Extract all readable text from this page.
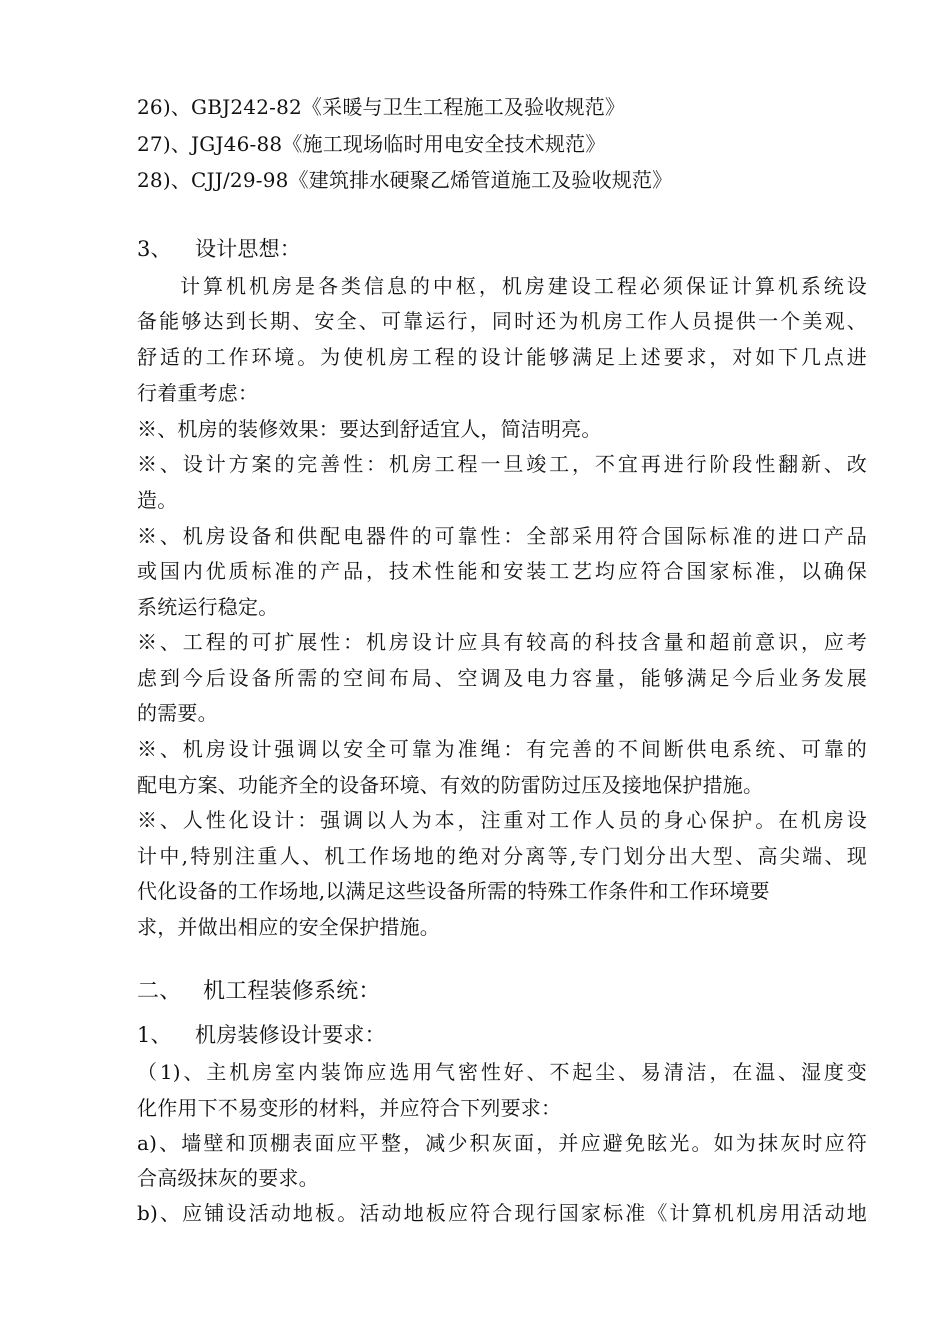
26)、GBJ242-82《采暖与卫生工程施工及验收规范》
27)、JGJ46-88《施工现场临时用电安全技术规范》
28)、CJJ/29-98《建筑排水硬聚乙烯管道施工及验收规范》
3、 设计思想：
计算机机房是各类信息的中枢，机房建设工程必须保证计算机系统设
备能够达到长期、安全、可靠运行，同时还为机房工作人员提供一个美观、
舒适的工作环境。为使机房工程的设计能够满足上述要求，对如下几点进
行着重考虑：
※、机房的装修效果：要达到舒适宜人，简洁明亮。
※、设计方案的完善性：机房工程一旦竣工，不宜再进行阶段性翻新、改
造。
※、机房设备和供配电器件的可靠性：全部采用符合国际标准的进口产品
或国内优质标准的产品，技术性能和安装工艺均应符合国家标准，以确保
系统运行稳定。
※、工程的可扩展性：机房设计应具有较高的科技含量和超前意识，应考
虑到今后设备所需的空间布局、空调及电力容量，能够满足今后业务发展
的需要。
※、机房设计强调以安全可靠为准绳：有完善的不间断供电系统、可靠的
配电方案、功能齐全的设备环境、有效的防雷防过压及接地保护措施。
※、人性化设计：强调以人为本，注重对工作人员的身心保护。在机房设
计中,特别注重人、机工作场地的绝对分离等,专门划分出大型、高尖端、现
代化设备的工作场地,以满足这些设备所需的特殊工作条件和工作环境要
求，并做出相应的安全保护措施。
二、 机工程装修系统：
1、 机房装修设计要求：
（1)、主机房室内装饰应选用气密性好、不起尘、易清洁，在温、湿度变
化作用下不易变形的材料，并应符合下列要求：
a)、墙壁和顶棚表面应平整，减少积灰面，并应避免眩光。如为抹灰时应符
合高级抹灰的要求。
b)、应铺设活动地板。活动地板应符合现行国家标准《计算机机房用活动地
